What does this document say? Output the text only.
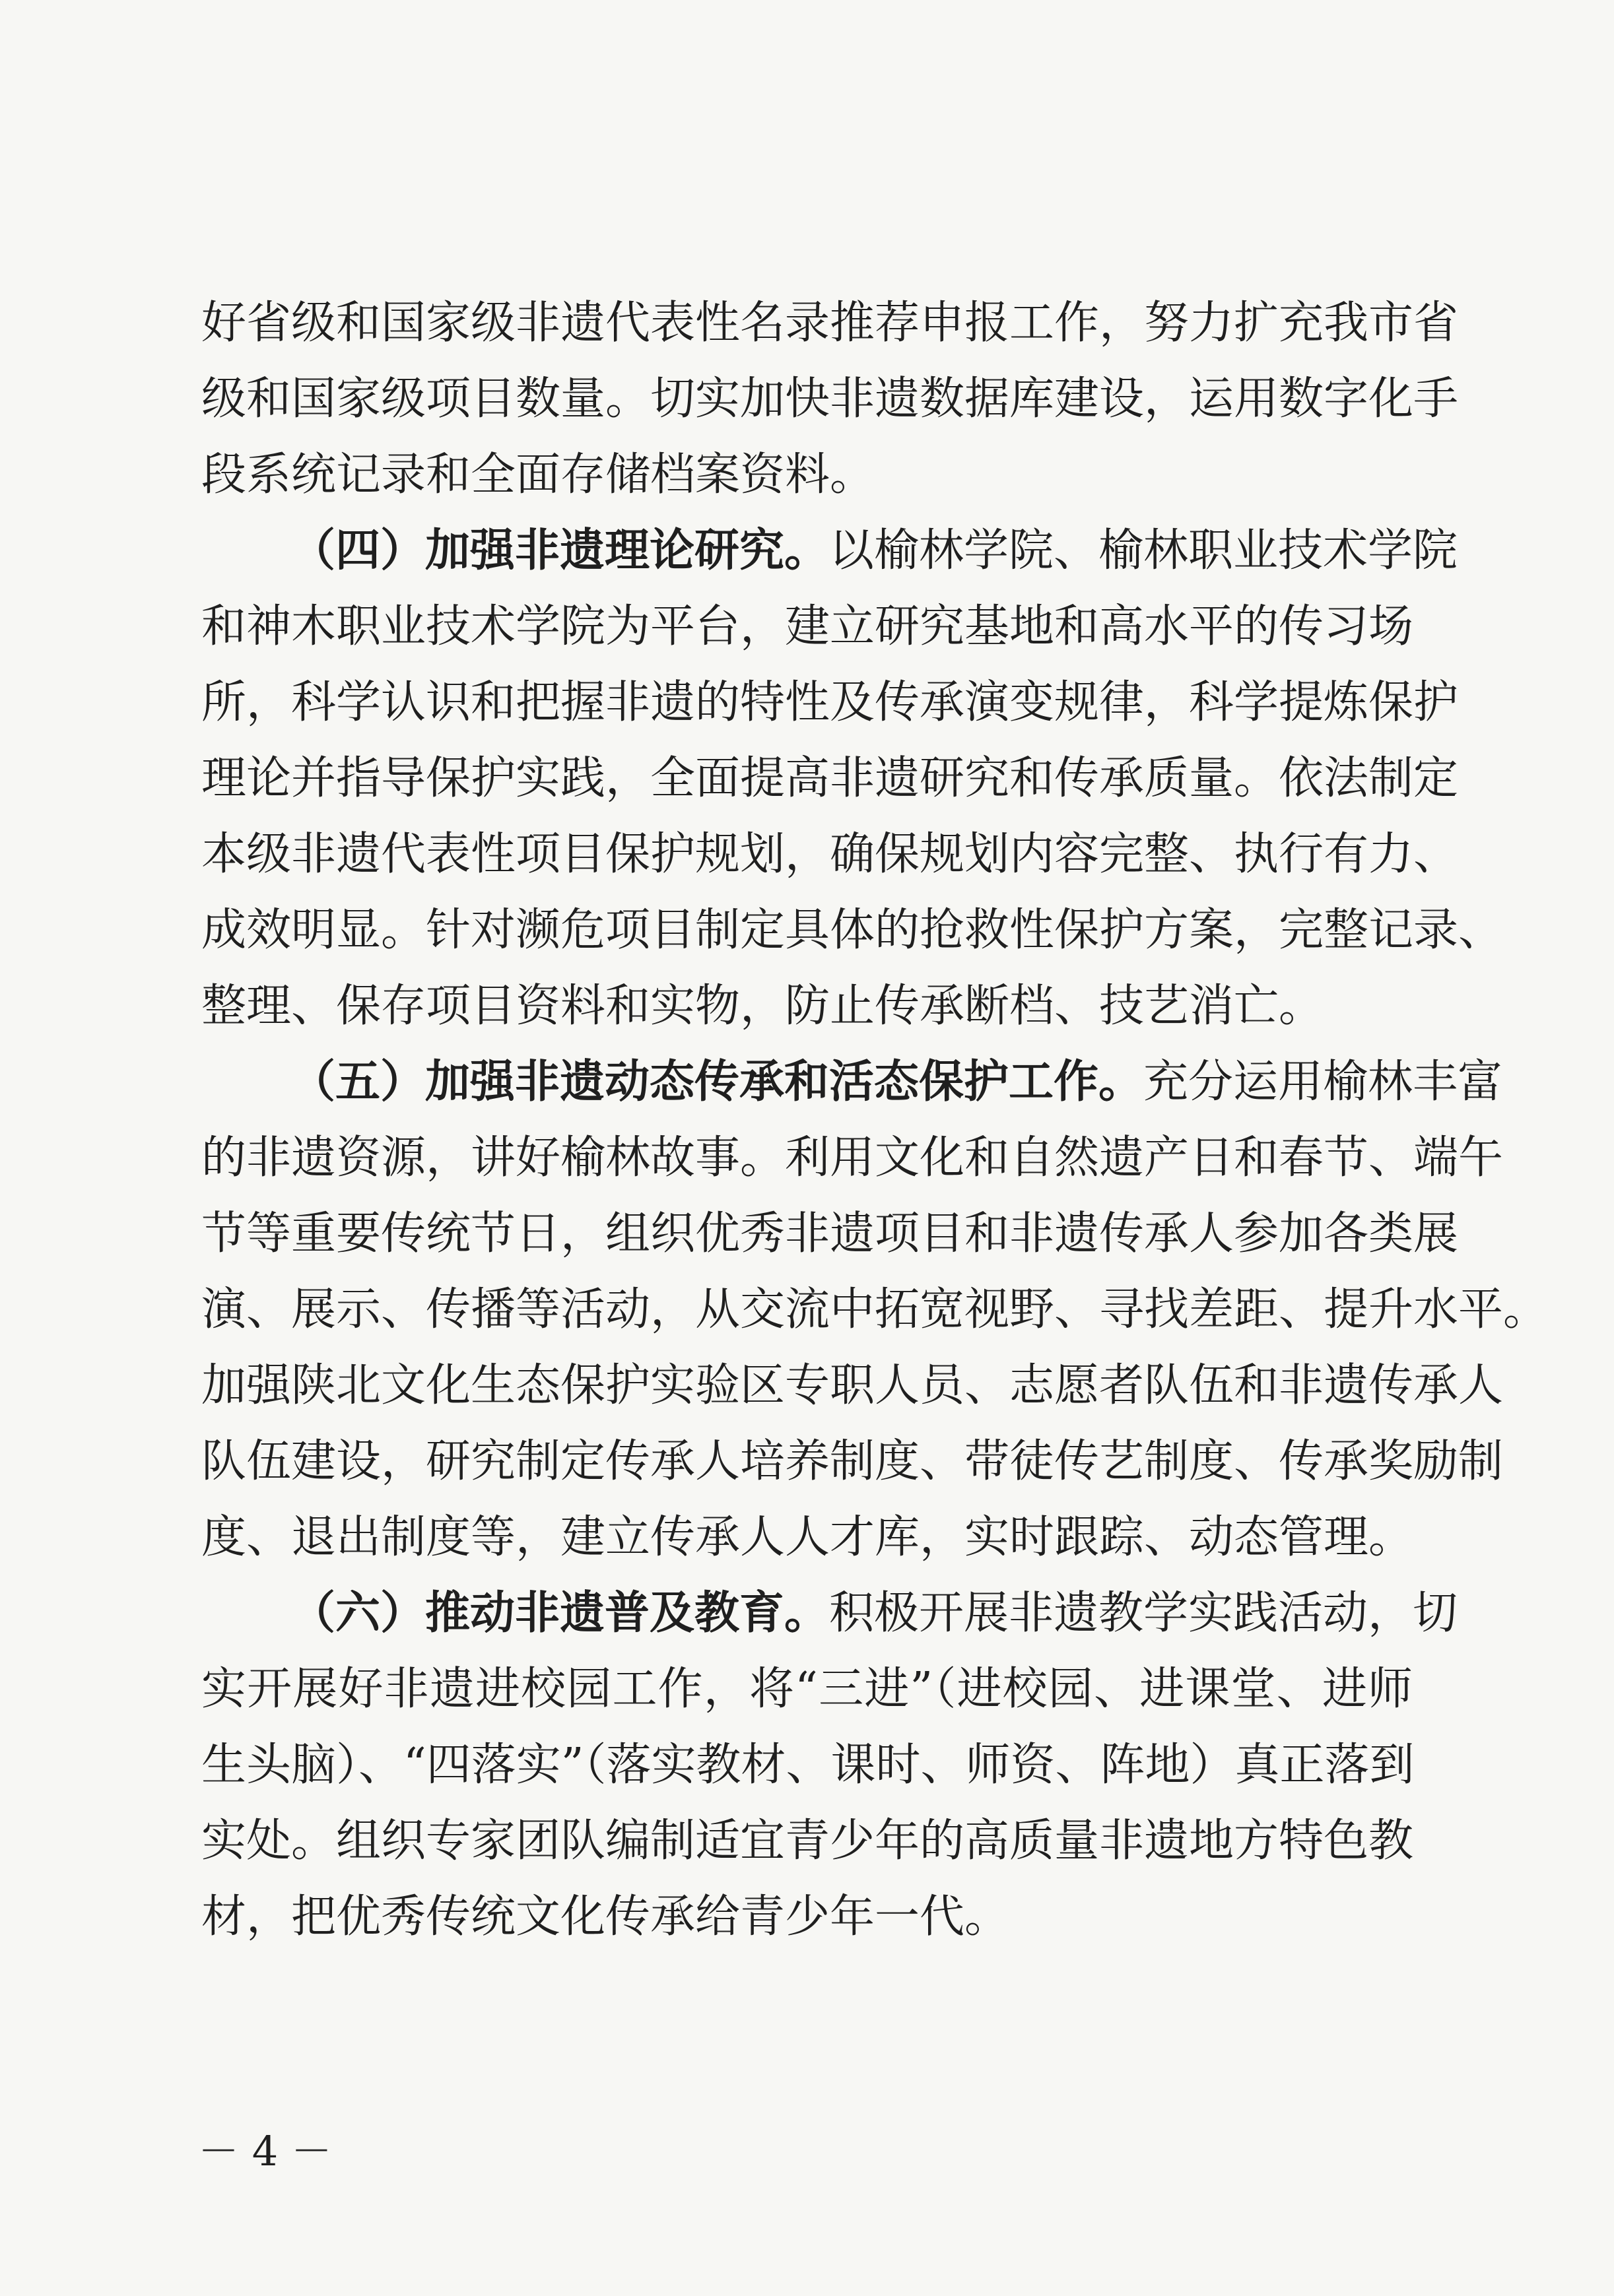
好省级和国家级非遗代表性名录推荐申报工作，努力扩充我市省
级和国家级项目数量。切实加快非遗数据库建设，运用数字化手
段系统记录和全面存储档案资料。
（四）加强非遗理论研究。以榆林学院、榆林职业技术学院
和神木职业技术学院为平台，建立研究基地和高水平的传习场
所，科学认识和把握非遗的特性及传承演变规律，科学提炼保护
理论并指导保护实践，全面提高非遗研究和传承质量。依法制定
本级非遗代表性项目保护规划，确保规划内容完整、执行有力、
成效明显。针对濒危项目制定具体的抢救性保护方案，完整记录、
整理、保存项目资料和实物，防止传承断档、技艺消亡。
（五）加强非遗动态传承和活态保护工作。充分运用榆林丰富
的非遗资源，讲好榆林故事。利用文化和自然遗产日和春节、端午
节等重要传统节日，组织优秀非遗项目和非遗传承人参加各类展
演、展示、传播等活动，从交流中拓宽视野、寻找差距、提升水平。
加强陕北文化生态保护实验区专职人员、志愿者队伍和非遗传承人
队伍建设，研究制定传承人培养制度、带徒传艺制度、传承奖励制
度、退出制度等，建立传承人人才库，实时跟踪、动态管理。
（六）推动非遗普及教育。积极开展非遗教学实践活动，切
实开展好非遗进校园工作，将“三进”（进校园、进课堂、进师
生头脑）、“四落实”（落实教材、课时、师资、阵地）真正落到
实处。组织专家团队编制适宜青少年的高质量非遗地方特色教
材，把优秀传统文化传承给青少年一代。
－ 4 －
